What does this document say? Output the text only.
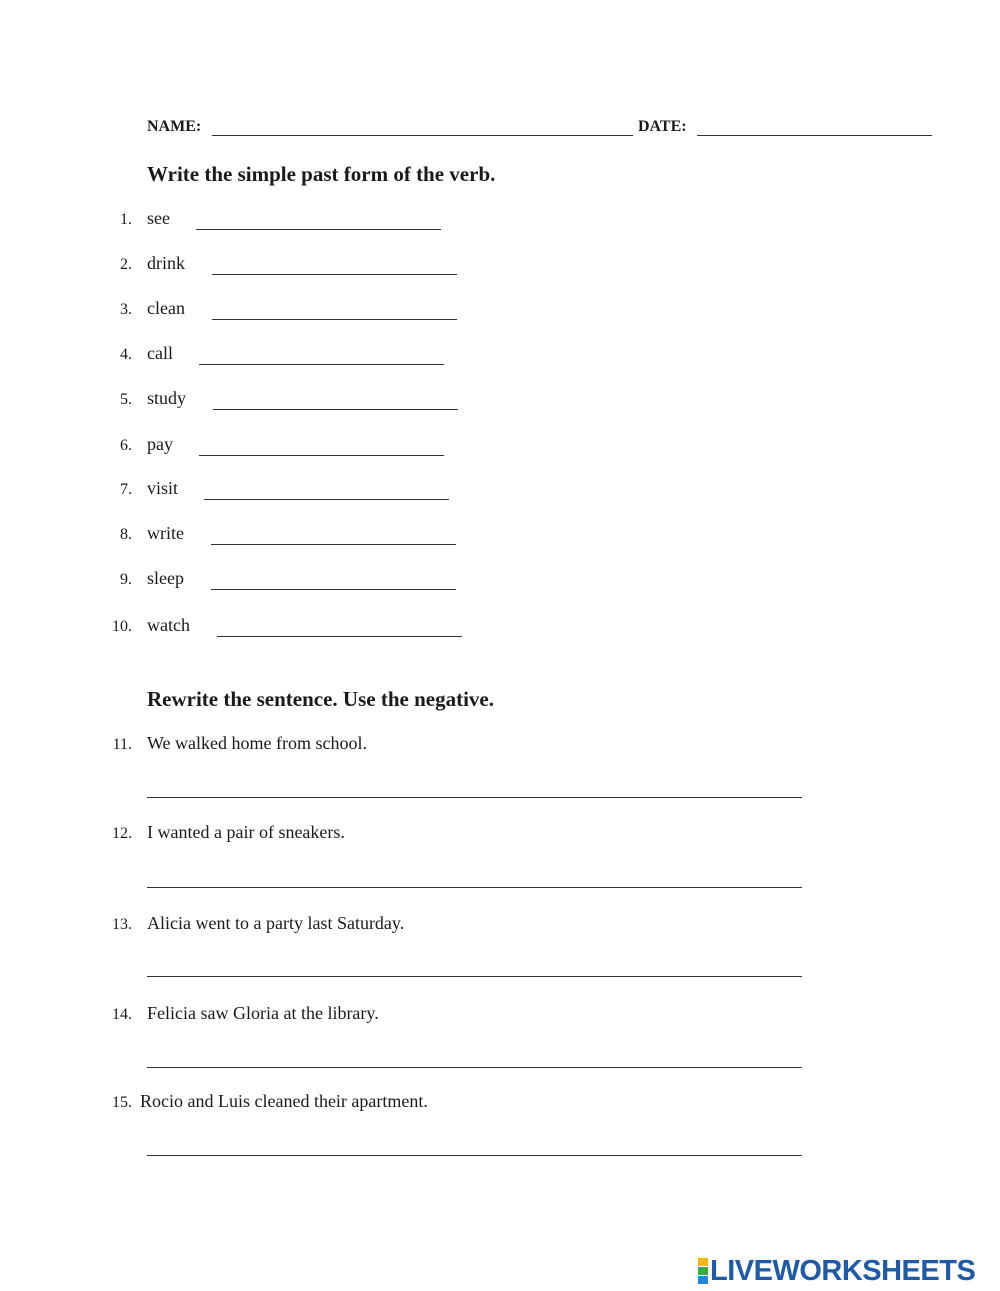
NAME:	DATE:
Write the simple past form of the verb.
1. see
2. drink
3. clean
4. call
5. study
6. pay
7. visit
8. write
9. sleep
10. watch
Rewrite the sentence. Use the negative.
11. We walked home from school.
12. I wanted a pair of sneakers.
13. Alicia went to a party last Saturday.
14. Felicia saw Gloria at the library.
15. Rocio and Luis cleaned their apartment.
LIVEWORKSHEETS
